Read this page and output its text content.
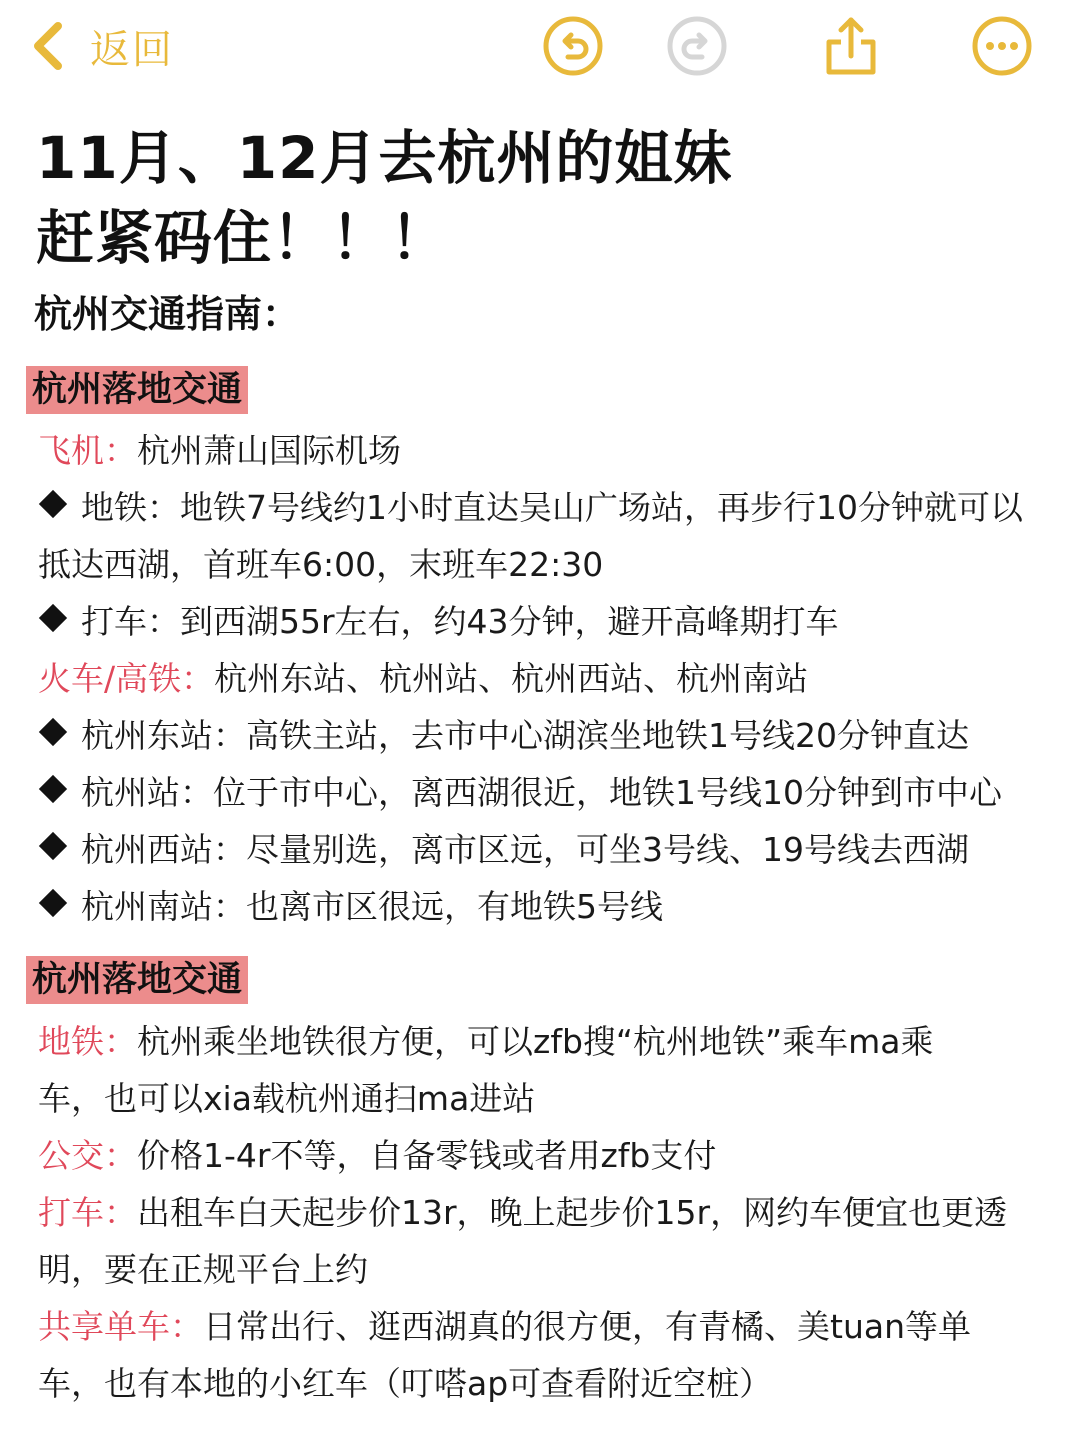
返回
11月、12月去杭州的姐妹
赶紧码住！！！
杭州交通指南：
杭州落地交通
飞机：杭州萧山国际机场
地铁：地铁7号线约1小时直达吴山广场站，再步行10分钟就可以
抵达西湖，首班车6:00，末班车22:30
打车：到西湖55r左右，约43分钟，避开高峰期打车
火车/高铁：杭州东站、杭州站、杭州西站、杭州南站
杭州东站：高铁主站，去市中心湖滨坐地铁1号线20分钟直达
杭州站：位于市中心，离西湖很近，地铁1号线10分钟到市中心
杭州西站：尽量别选，离市区远，可坐3号线、19号线去西湖
杭州南站：也离市区很远，有地铁5号线
杭州落地交通
地铁：杭州乘坐地铁很方便，可以zfb搜“杭州地铁”乘车ma乘
车，也可以xia载杭州通扫ma进站
公交：价格1-4r不等，自备零钱或者用zfb支付
打车：出租车白天起步价13r，晚上起步价15r，网约车便宜也更透
明，要在正规平台上约
共享单车：日常出行、逛西湖真的很方便，有青橘、美tuan等单
车，也有本地的小红车（叮嗒ap可查看附近空桩）
